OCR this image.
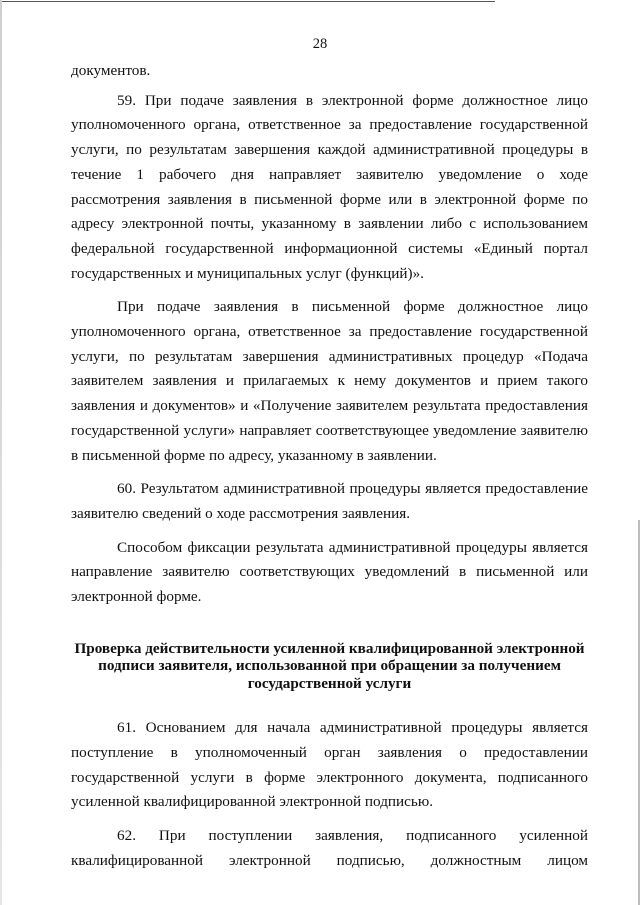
28

документов.

59. При подаче заявления в электронной форме должностное лицо уполномоченного органа, ответственное за предоставление государственной услуги, по результатам завершения каждой административной процедуры в течение 1 рабочего дня направляет заявителю уведомление о ходе рассмотрения заявления в письменной форме или в электронной форме по адресу электронной почты, указанному в заявлении либо с использованием федеральной государственной информационной системы «Единый портал государственных и муниципальных услуг (функций)».

При подаче заявления в письменной форме должностное лицо уполномоченного органа, ответственное за предоставление государственной услуги, по результатам завершения административных процедур «Подача заявителем заявления и прилагаемых к нему документов и прием такого заявления и документов» и «Получение заявителем результата предоставления государственной услуги» направляет соответствующее уведомление заявителю в письменной форме по адресу, указанному в заявлении.

60. Результатом административной процедуры является предоставление заявителю сведений о ходе рассмотрения заявления.

Способом фиксации результата административной процедуры является направление заявителю соответствующих уведомлений в письменной или электронной форме.

Проверка действительности усиленной квалифицированной электронной подписи заявителя, использованной при обращении за получением государственной услуги

61. Основанием для начала административной процедуры является поступление в уполномоченный орган заявления о предоставлении государственной услуги в форме электронного документа, подписанного усиленной квалифицированной электронной подписью.

62. При поступлении заявления, подписанного усиленной квалифицированной электронной подписью, должностным лицом
